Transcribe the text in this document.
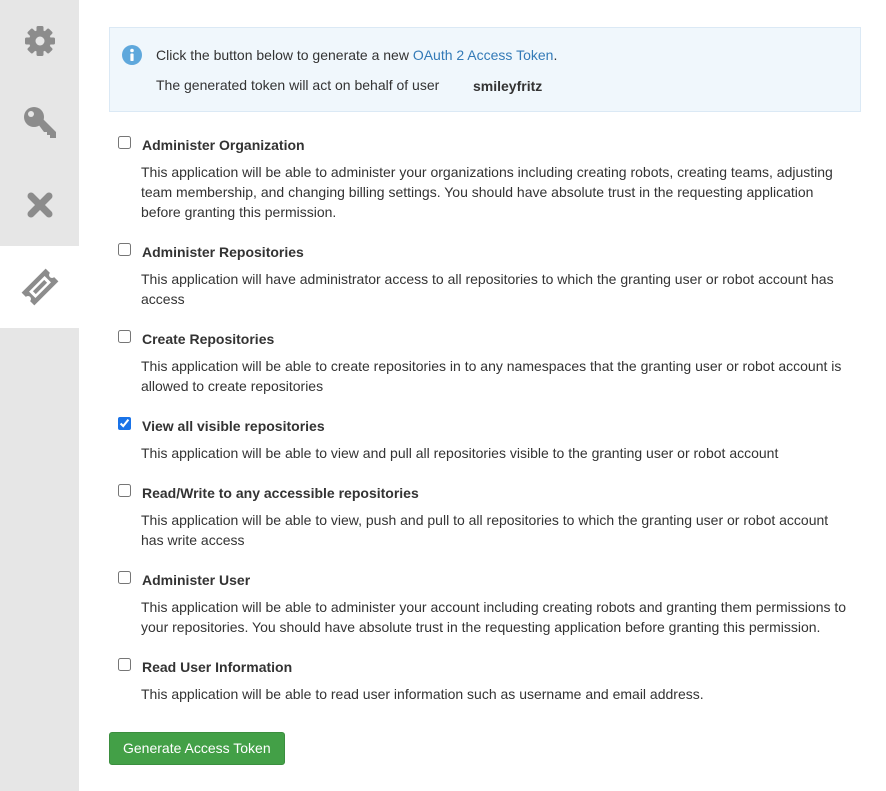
Click the button below to generate a new OAuth 2 Access Token.
The generated token will act on behalf of user smileyfritz
Administer Organization
This application will be able to administer your organizations including creating robots, creating teams, adjusting team membership, and changing billing settings. You should have absolute trust in the requesting application before granting this permission.
Administer Repositories
This application will have administrator access to all repositories to which the granting user or robot account has access
Create Repositories
This application will be able to create repositories in to any namespaces that the granting user or robot account is allowed to create repositories
View all visible repositories
This application will be able to view and pull all repositories visible to the granting user or robot account
Read/Write to any accessible repositories
This application will be able to view, push and pull to all repositories to which the granting user or robot account has write access
Administer User
This application will be able to administer your account including creating robots and granting them permissions to your repositories. You should have absolute trust in the requesting application before granting this permission.
Read User Information
This application will be able to read user information such as username and email address.
Generate Access Token
